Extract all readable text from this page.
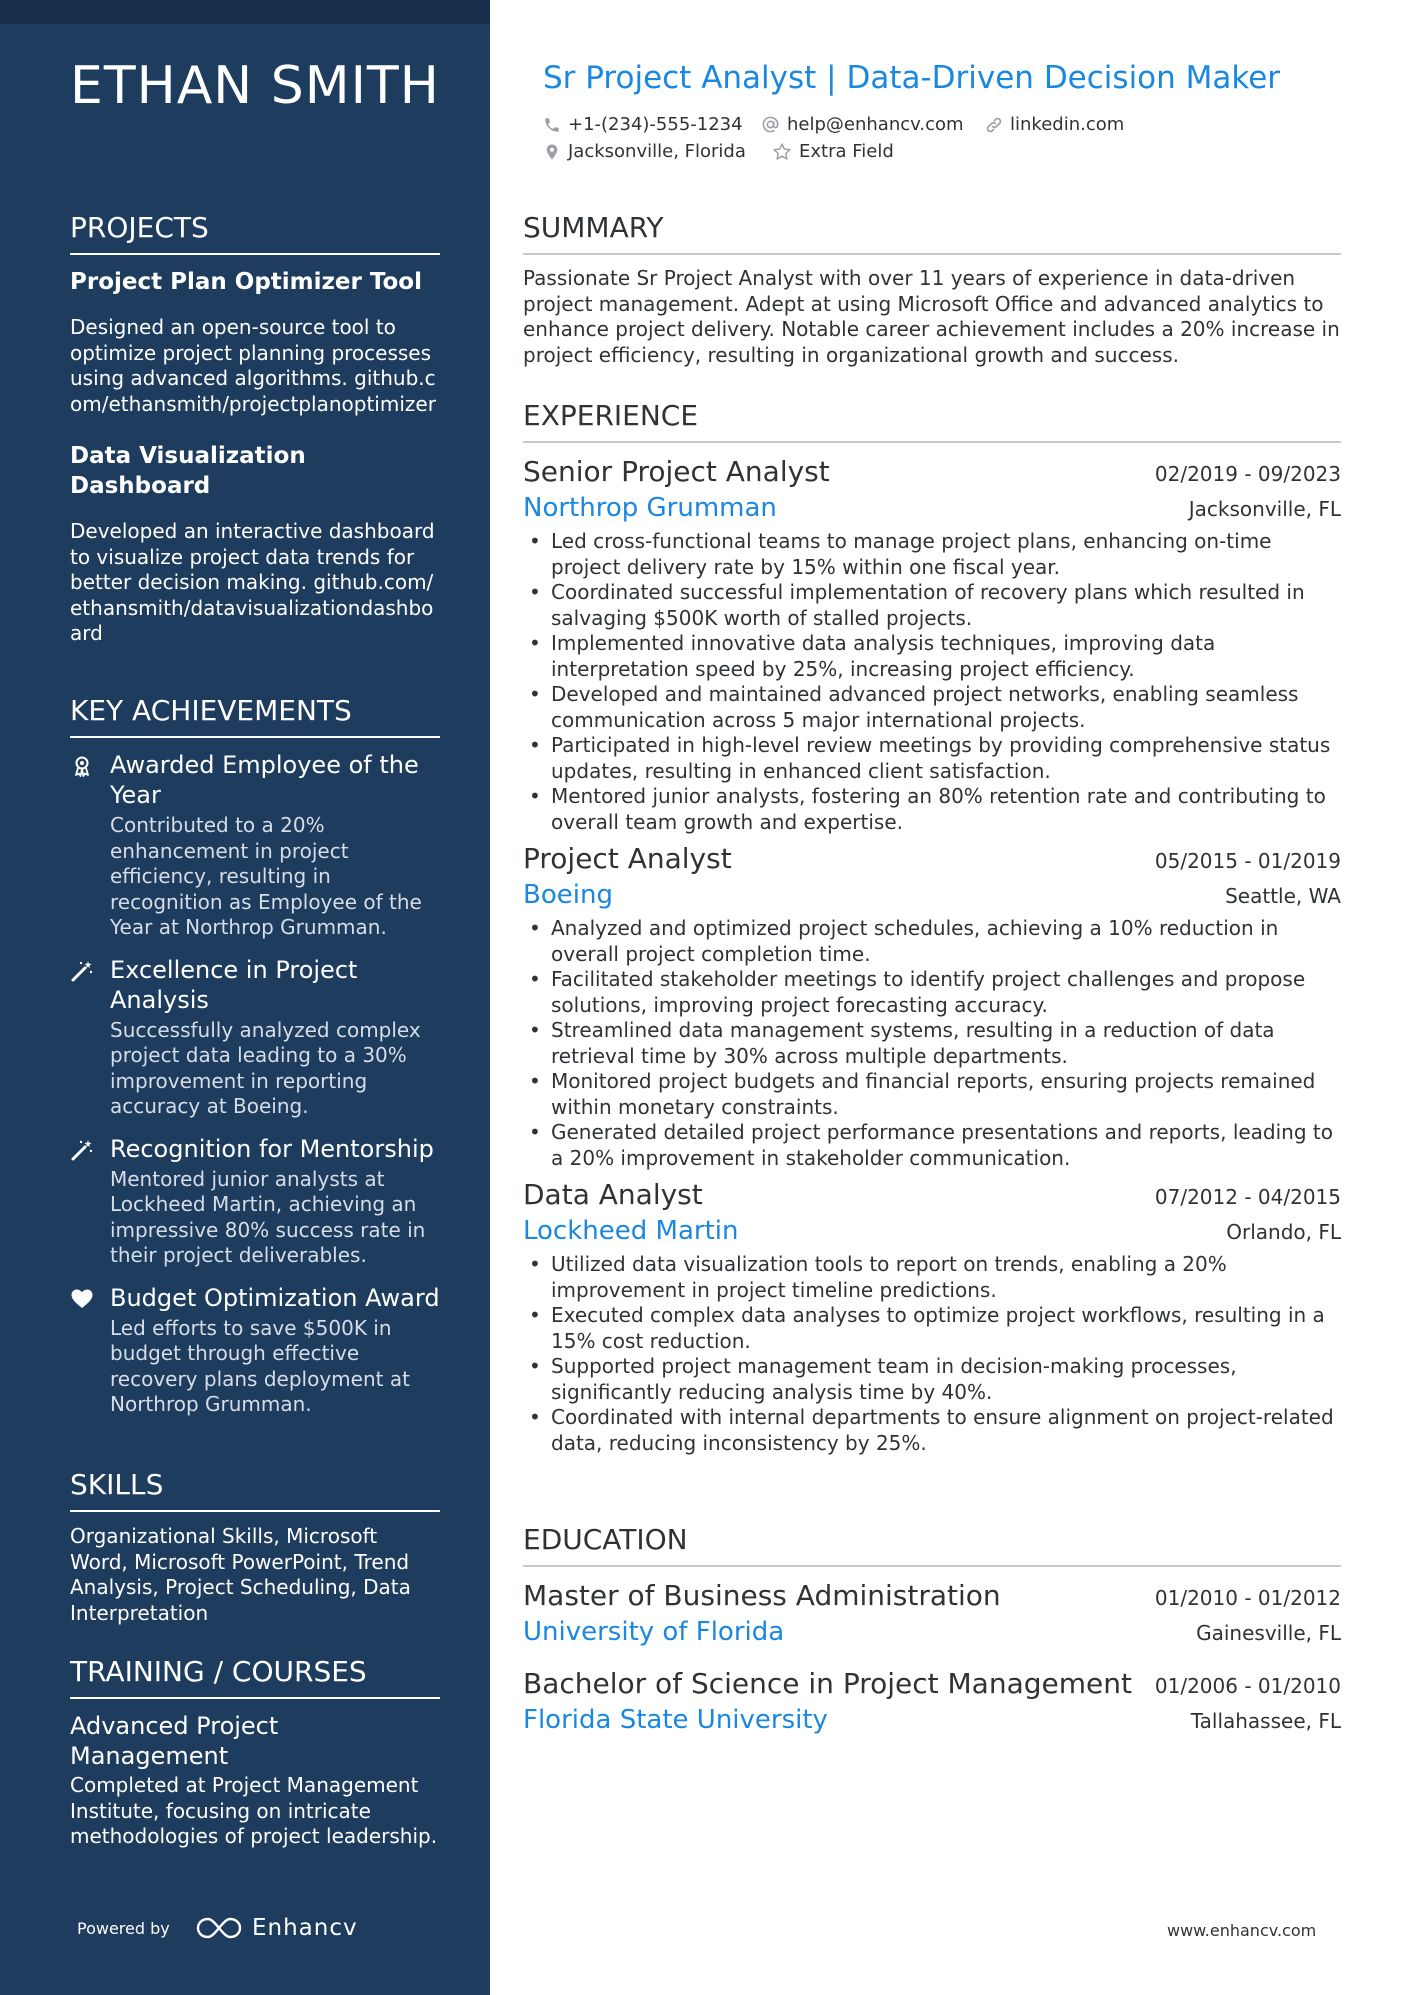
ETHAN SMITH
PROJECTS
Project Plan Optimizer Tool
Designed an open-source tool to optimize project planning processes using advanced algorithms. github.com/ethansmith/projectplanoptimizer
Data Visualization Dashboard
Developed an interactive dashboard to visualize project data trends for better decision making. github.com/ethansmith/datavisualizationdashboard
KEY ACHIEVEMENTS
Awarded Employee of the Year
Contributed to a 20% enhancement in project efficiency, resulting in recognition as Employee of the Year at Northrop Grumman.
Excellence in Project Analysis
Successfully analyzed complex project data leading to a 30% improvement in reporting accuracy at Boeing.
Recognition for Mentorship
Mentored junior analysts at Lockheed Martin, achieving an impressive 80% success rate in their project deliverables.
Budget Optimization Award
Led efforts to save $500K in budget through effective recovery plans deployment at Northrop Grumman.
SKILLS
Organizational Skills, Microsoft Word, Microsoft PowerPoint, Trend Analysis, Project Scheduling, Data Interpretation
TRAINING / COURSES
Advanced Project Management
Completed at Project Management Institute, focusing on intricate methodologies of project leadership.
Powered by	Enhancv
Sr Project Analyst | Data-Driven Decision Maker
+1-(234)-555-1234 help@enhancv.com	linkedin.com
Jacksonville, Florida	Extra Field
SUMMARY
Passionate Sr Project Analyst with over 11 years of experience in data-driven project management. Adept at using Microsoft Office and advanced analytics to enhance project delivery. Notable career achievement includes a 20% increase in project efficiency, resulting in organizational growth and success.
EXPERIENCE
Senior Project Analyst	02/2019 - 09/2023
Northrop Grumman	Jacksonville, FL
• Led cross-functional teams to manage project plans, enhancing on-time project delivery rate by 15% within one fiscal year.
• Coordinated successful implementation of recovery plans which resulted in salvaging $500K worth of stalled projects.
• Implemented innovative data analysis techniques, improving data interpretation speed by 25%, increasing project efficiency.
• Developed and maintained advanced project networks, enabling seamless communication across 5 major international projects.
• Participated in high-level review meetings by providing comprehensive status updates, resulting in enhanced client satisfaction.
• Mentored junior analysts, fostering an 80% retention rate and contributing to overall team growth and expertise.
Project Analyst	05/2015 - 01/2019
Boeing	Seattle, WA
• Analyzed and optimized project schedules, achieving a 10% reduction in overall project completion time.
• Facilitated stakeholder meetings to identify project challenges and propose solutions, improving project forecasting accuracy.
• Streamlined data management systems, resulting in a reduction of data retrieval time by 30% across multiple departments.
• Monitored project budgets and financial reports, ensuring projects remained within monetary constraints.
• Generated detailed project performance presentations and reports, leading to a 20% improvement in stakeholder communication.
Data Analyst	07/2012 - 04/2015
Lockheed Martin	Orlando, FL
• Utilized data visualization tools to report on trends, enabling a 20% improvement in project timeline predictions.
• Executed complex data analyses to optimize project workflows, resulting in a 15% cost reduction.
• Supported project management team in decision-making processes, significantly reducing analysis time by 40%.
• Coordinated with internal departments to ensure alignment on project-related data, reducing inconsistency by 25%.
EDUCATION
Master of Business Administration	01/2010 - 01/2012
University of Florida	Gainesville, FL
Bachelor of Science in Project Management 01/2006 - 01/2010
Florida State University	Tallahassee, FL
www.enhancv.com
